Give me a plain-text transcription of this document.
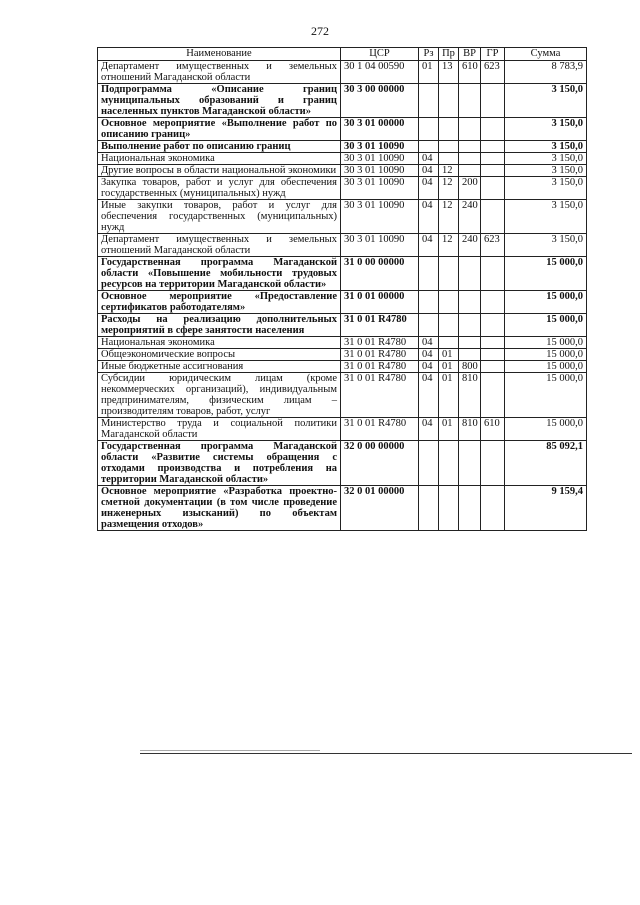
272
Наименование	ЦСР	Рз	Пр	ВР	ГР	Сумма
Департамент имущественных и земельных отношений Магаданской области	30 1 04 00590	01	13	610	623	8 783,9
Подпрограмма «Описание границ муниципальных образований и границ населенных пунктов Магаданской области»	30 3 00 00000					3 150,0
Основное мероприятие «Выполнение работ по описанию границ»	30 3 01 00000					3 150,0
Выполнение работ по описанию границ	30 3 01 10090					3 150,0
Национальная экономика	30 3 01 10090	04				3 150,0
Другие вопросы в области национальной экономики	30 3 01 10090	04	12			3 150,0
Закупка товаров, работ и услуг для обеспечения государственных (муниципальных) нужд	30 3 01 10090	04	12	200		3 150,0
Иные закупки товаров, работ и услуг для обеспечения государственных (муниципальных) нужд	30 3 01 10090	04	12	240		3 150,0
Департамент имущественных и земельных отношений Магаданской области	30 3 01 10090	04	12	240	623	3 150,0
Государственная программа Магаданской области «Повышение мобильности трудовых ресурсов на территории Магаданской области»	31 0 00 00000					15 000,0
Основное мероприятие «Предоставление сертификатов работодателям»	31 0 01 00000					15 000,0
Расходы на реализацию дополнительных мероприятий в сфере занятости населения	31 0 01 R4780					15 000,0
Национальная экономика	31 0 01 R4780	04				15 000,0
Общеэкономические вопросы	31 0 01 R4780	04	01			15 000,0
Иные бюджетные ассигнования	31 0 01 R4780	04	01	800		15 000,0
Субсидии юридическим лицам (кроме некоммерческих организаций), индивидуальным предпринимателям, физическим лицам – производителям товаров, работ, услуг	31 0 01 R4780	04	01	810		15 000,0
Министерство труда и социальной политики Магаданской области	31 0 01 R4780	04	01	810	610	15 000,0
Государственная программа Магаданской области «Развитие системы обращения с отходами производства и потребления на территории Магаданской области»	32 0 00 00000					85 092,1
Основное мероприятие «Разработка проектно-сметной документации (в том числе проведение инженерных изысканий) по объектам размещения отходов»	32 0 01 00000					9 159,4
